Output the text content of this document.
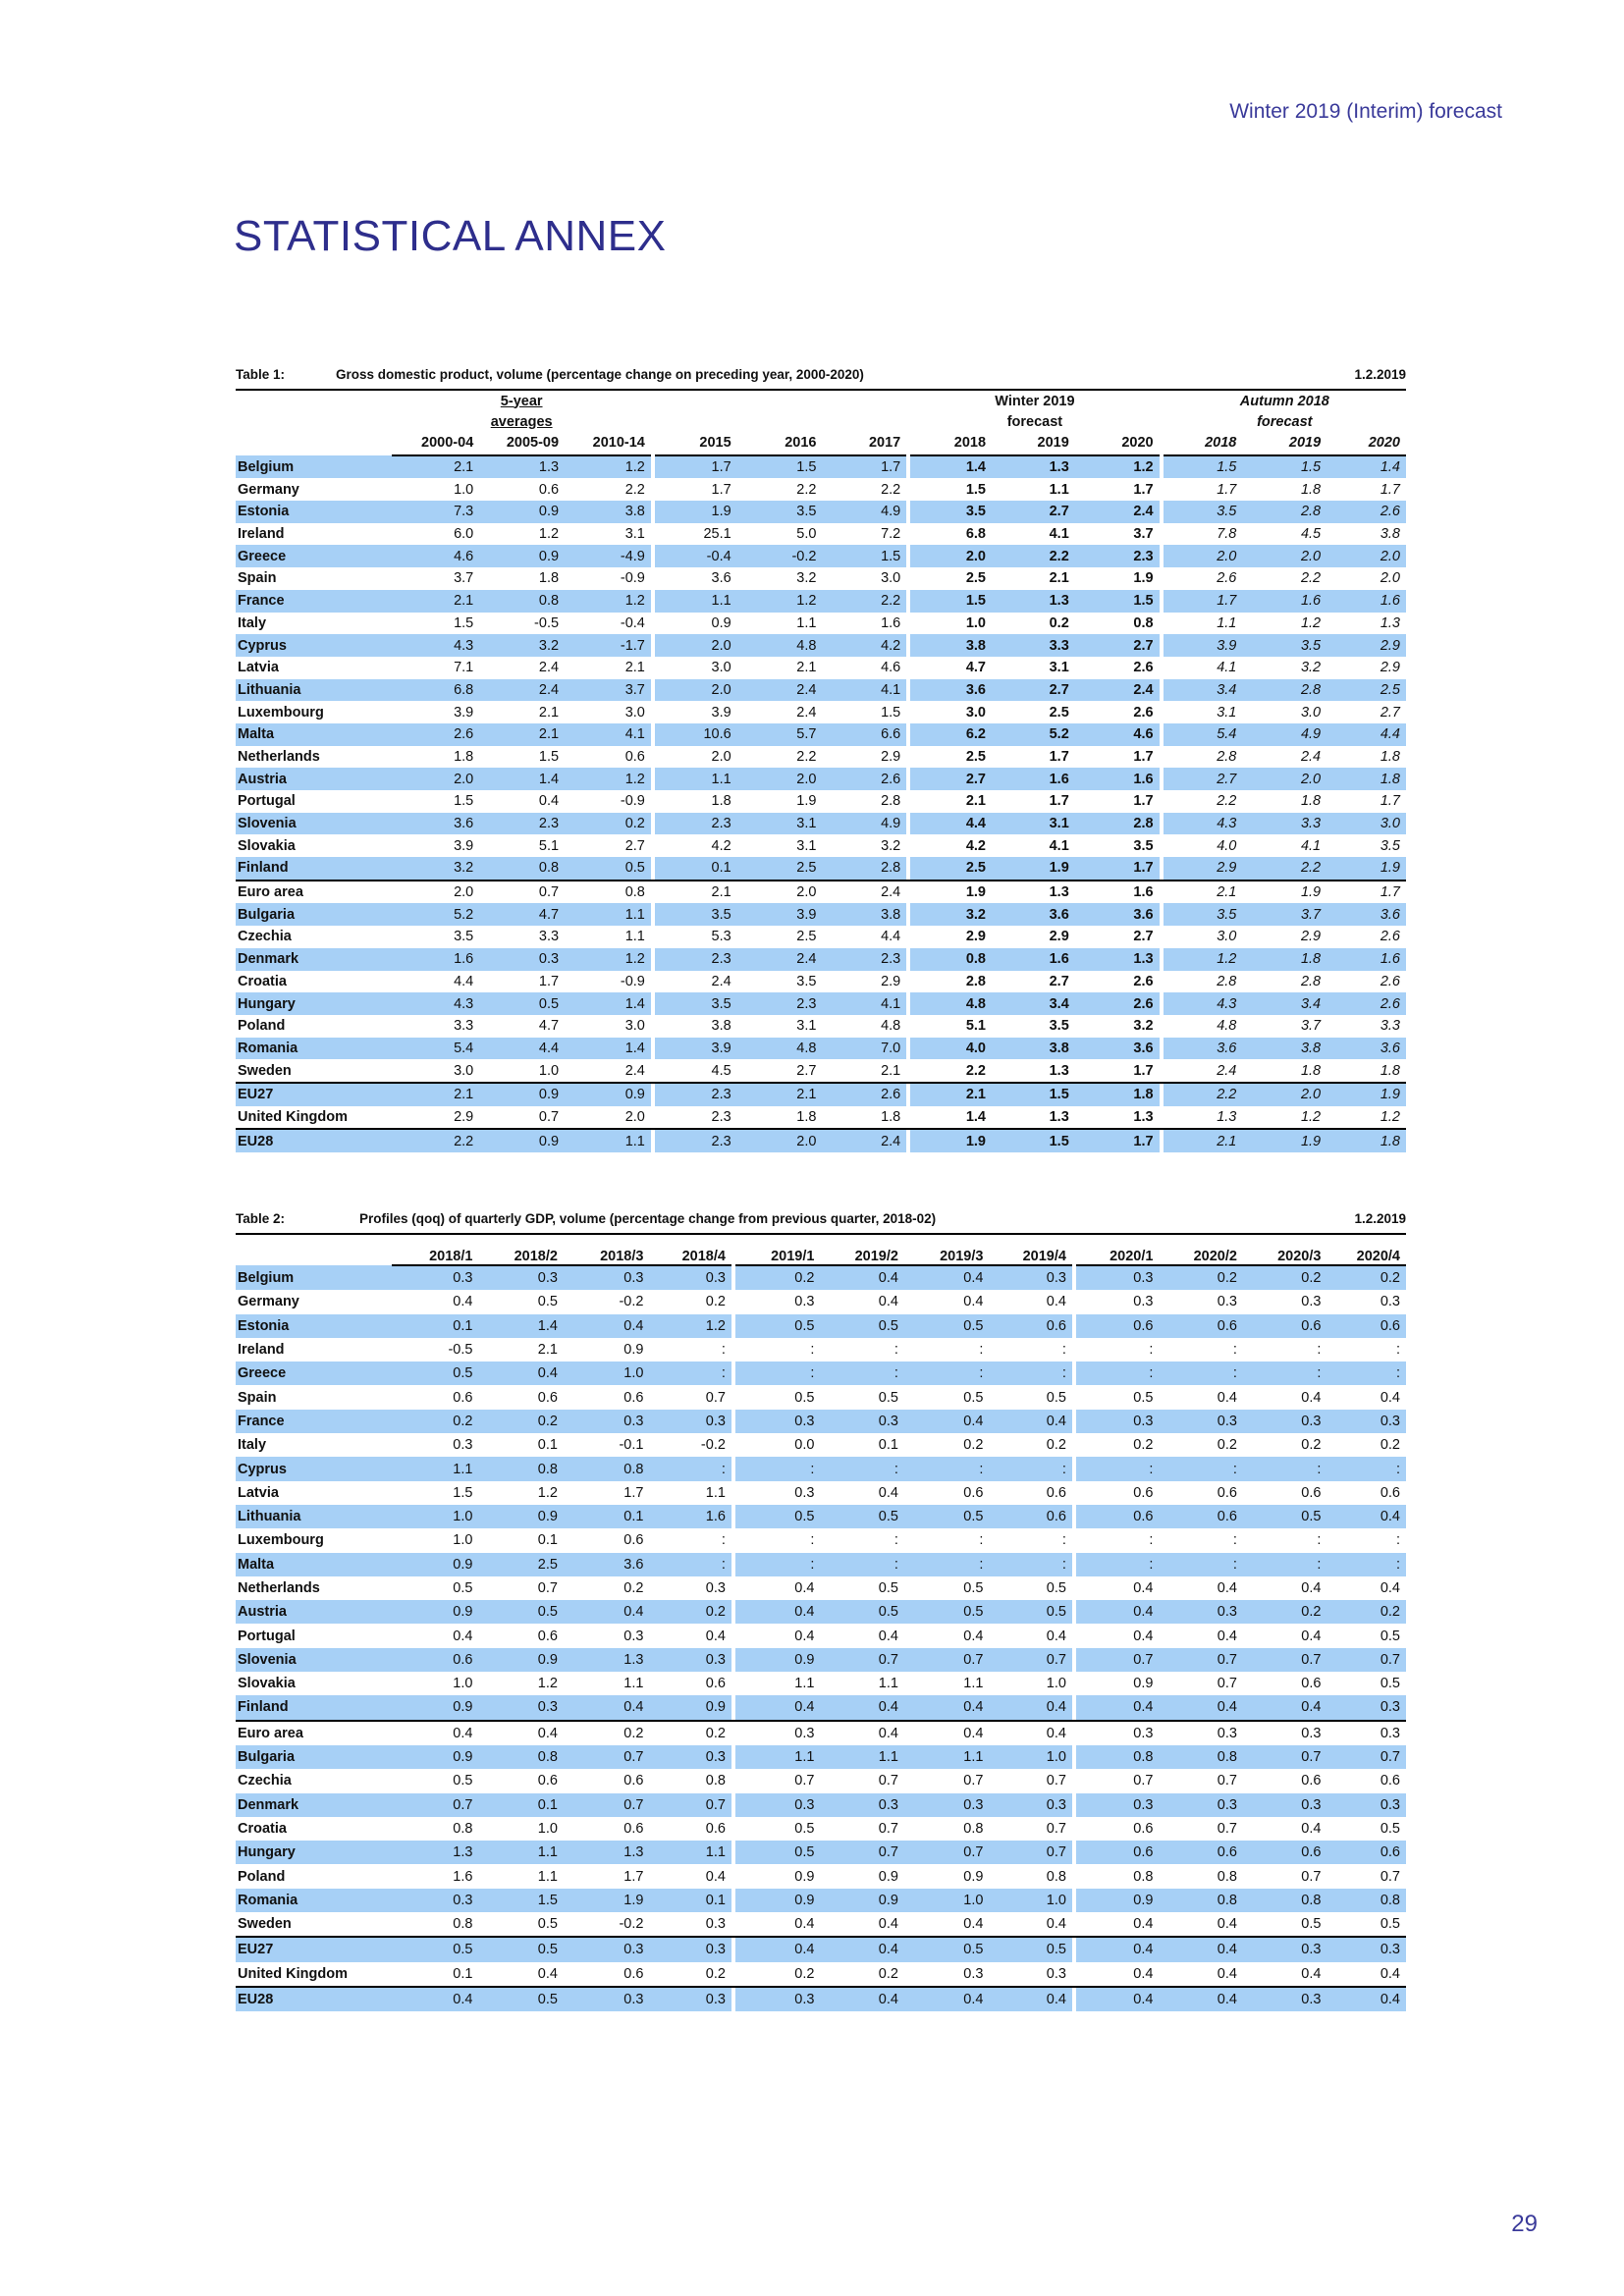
Winter 2019 (Interim) forecast
STATISTICAL ANNEX
Table 1:	Gross domestic product, volume (percentage change on preceding year, 2000-2020)	1.2.2019
	5-year								Winter 2019				Autumn 2018		
	averages								forecast				forecast		
	2000-04	2005-09	2010-14		2015	2016	2017		2018	2019	2020		2018	2019	2020
Belgium	2.1	1.3	1.2		1.7	1.5	1.7		1.4	1.3	1.2		1.5	1.5	1.4
Germany	1.0	0.6	2.2		1.7	2.2	2.2		1.5	1.1	1.7		1.7	1.8	1.7
Estonia	7.3	0.9	3.8		1.9	3.5	4.9		3.5	2.7	2.4		3.5	2.8	2.6
Ireland	6.0	1.2	3.1		25.1	5.0	7.2		6.8	4.1	3.7		7.8	4.5	3.8
Greece	4.6	0.9	-4.9		-0.4	-0.2	1.5		2.0	2.2	2.3		2.0	2.0	2.0
Spain	3.7	1.8	-0.9		3.6	3.2	3.0		2.5	2.1	1.9		2.6	2.2	2.0
France	2.1	0.8	1.2		1.1	1.2	2.2		1.5	1.3	1.5		1.7	1.6	1.6
Italy	1.5	-0.5	-0.4		0.9	1.1	1.6		1.0	0.2	0.8		1.1	1.2	1.3
Cyprus	4.3	3.2	-1.7		2.0	4.8	4.2		3.8	3.3	2.7		3.9	3.5	2.9
Latvia	7.1	2.4	2.1		3.0	2.1	4.6		4.7	3.1	2.6		4.1	3.2	2.9
Lithuania	6.8	2.4	3.7		2.0	2.4	4.1		3.6	2.7	2.4		3.4	2.8	2.5
Luxembourg	3.9	2.1	3.0		3.9	2.4	1.5		3.0	2.5	2.6		3.1	3.0	2.7
Malta	2.6	2.1	4.1		10.6	5.7	6.6		6.2	5.2	4.6		5.4	4.9	4.4
Netherlands	1.8	1.5	0.6		2.0	2.2	2.9		2.5	1.7	1.7		2.8	2.4	1.8
Austria	2.0	1.4	1.2		1.1	2.0	2.6		2.7	1.6	1.6		2.7	2.0	1.8
Portugal	1.5	0.4	-0.9		1.8	1.9	2.8		2.1	1.7	1.7		2.2	1.8	1.7
Slovenia	3.6	2.3	0.2		2.3	3.1	4.9		4.4	3.1	2.8		4.3	3.3	3.0
Slovakia	3.9	5.1	2.7		4.2	3.1	3.2		4.2	4.1	3.5		4.0	4.1	3.5
Finland	3.2	0.8	0.5		0.1	2.5	2.8		2.5	1.9	1.7		2.9	2.2	1.9
Euro area	2.0	0.7	0.8		2.1	2.0	2.4		1.9	1.3	1.6		2.1	1.9	1.7
Bulgaria	5.2	4.7	1.1		3.5	3.9	3.8		3.2	3.6	3.6		3.5	3.7	3.6
Czechia	3.5	3.3	1.1		5.3	2.5	4.4		2.9	2.9	2.7		3.0	2.9	2.6
Denmark	1.6	0.3	1.2		2.3	2.4	2.3		0.8	1.6	1.3		1.2	1.8	1.6
Croatia	4.4	1.7	-0.9		2.4	3.5	2.9		2.8	2.7	2.6		2.8	2.8	2.6
Hungary	4.3	0.5	1.4		3.5	2.3	4.1		4.8	3.4	2.6		4.3	3.4	2.6
Poland	3.3	4.7	3.0		3.8	3.1	4.8		5.1	3.5	3.2		4.8	3.7	3.3
Romania	5.4	4.4	1.4		3.9	4.8	7.0		4.0	3.8	3.6		3.6	3.8	3.6
Sweden	3.0	1.0	2.4		4.5	2.7	2.1		2.2	1.3	1.7		2.4	1.8	1.8
EU27	2.1	0.9	0.9		2.3	2.1	2.6		2.1	1.5	1.8		2.2	2.0	1.9
United Kingdom	2.9	0.7	2.0		2.3	1.8	1.8		1.4	1.3	1.3		1.3	1.2	1.2
EU28	2.2	0.9	1.1		2.3	2.0	2.4		1.9	1.5	1.7		2.1	1.9	1.8
Table 2:	Profiles (qoq) of quarterly GDP, volume (percentage change from previous quarter, 2018-02)	1.2.2019
	2018/1	2018/2	2018/3	2018/4		2019/1	2019/2	2019/3	2019/4		2020/1	2020/2	2020/3	2020/4
Belgium	0.3	0.3	0.3	0.3		0.2	0.4	0.4	0.3		0.3	0.2	0.2	0.2
Germany	0.4	0.5	-0.2	0.2		0.3	0.4	0.4	0.4		0.3	0.3	0.3	0.3
Estonia	0.1	1.4	0.4	1.2		0.5	0.5	0.5	0.6		0.6	0.6	0.6	0.6
Ireland	-0.5	2.1	0.9	:		:	:	:	:		:	:	:	:
Greece	0.5	0.4	1.0	:		:	:	:	:		:	:	:	:
Spain	0.6	0.6	0.6	0.7		0.5	0.5	0.5	0.5		0.5	0.4	0.4	0.4
France	0.2	0.2	0.3	0.3		0.3	0.3	0.4	0.4		0.3	0.3	0.3	0.3
Italy	0.3	0.1	-0.1	-0.2		0.0	0.1	0.2	0.2		0.2	0.2	0.2	0.2
Cyprus	1.1	0.8	0.8	:		:	:	:	:		:	:	:	:
Latvia	1.5	1.2	1.7	1.1		0.3	0.4	0.6	0.6		0.6	0.6	0.6	0.6
Lithuania	1.0	0.9	0.1	1.6		0.5	0.5	0.5	0.6		0.6	0.6	0.5	0.4
Luxembourg	1.0	0.1	0.6	:		:	:	:	:		:	:	:	:
Malta	0.9	2.5	3.6	:		:	:	:	:		:	:	:	:
Netherlands	0.5	0.7	0.2	0.3		0.4	0.5	0.5	0.5		0.4	0.4	0.4	0.4
Austria	0.9	0.5	0.4	0.2		0.4	0.5	0.5	0.5		0.4	0.3	0.2	0.2
Portugal	0.4	0.6	0.3	0.4		0.4	0.4	0.4	0.4		0.4	0.4	0.4	0.5
Slovenia	0.6	0.9	1.3	0.3		0.9	0.7	0.7	0.7		0.7	0.7	0.7	0.7
Slovakia	1.0	1.2	1.1	0.6		1.1	1.1	1.1	1.0		0.9	0.7	0.6	0.5
Finland	0.9	0.3	0.4	0.9		0.4	0.4	0.4	0.4		0.4	0.4	0.4	0.3
Euro area	0.4	0.4	0.2	0.2		0.3	0.4	0.4	0.4		0.3	0.3	0.3	0.3
Bulgaria	0.9	0.8	0.7	0.3		1.1	1.1	1.1	1.0		0.8	0.8	0.7	0.7
Czechia	0.5	0.6	0.6	0.8		0.7	0.7	0.7	0.7		0.7	0.7	0.6	0.6
Denmark	0.7	0.1	0.7	0.7		0.3	0.3	0.3	0.3		0.3	0.3	0.3	0.3
Croatia	0.8	1.0	0.6	0.6		0.5	0.7	0.8	0.7		0.6	0.7	0.4	0.5
Hungary	1.3	1.1	1.3	1.1		0.5	0.7	0.7	0.7		0.6	0.6	0.6	0.6
Poland	1.6	1.1	1.7	0.4		0.9	0.9	0.9	0.8		0.8	0.8	0.7	0.7
Romania	0.3	1.5	1.9	0.1		0.9	0.9	1.0	1.0		0.9	0.8	0.8	0.8
Sweden	0.8	0.5	-0.2	0.3		0.4	0.4	0.4	0.4		0.4	0.4	0.5	0.5
EU27	0.5	0.5	0.3	0.3		0.4	0.4	0.5	0.5		0.4	0.4	0.3	0.3
United Kingdom	0.1	0.4	0.6	0.2		0.2	0.2	0.3	0.3		0.4	0.4	0.4	0.4
EU28	0.4	0.5	0.3	0.3		0.3	0.4	0.4	0.4		0.4	0.4	0.3	0.4
29
